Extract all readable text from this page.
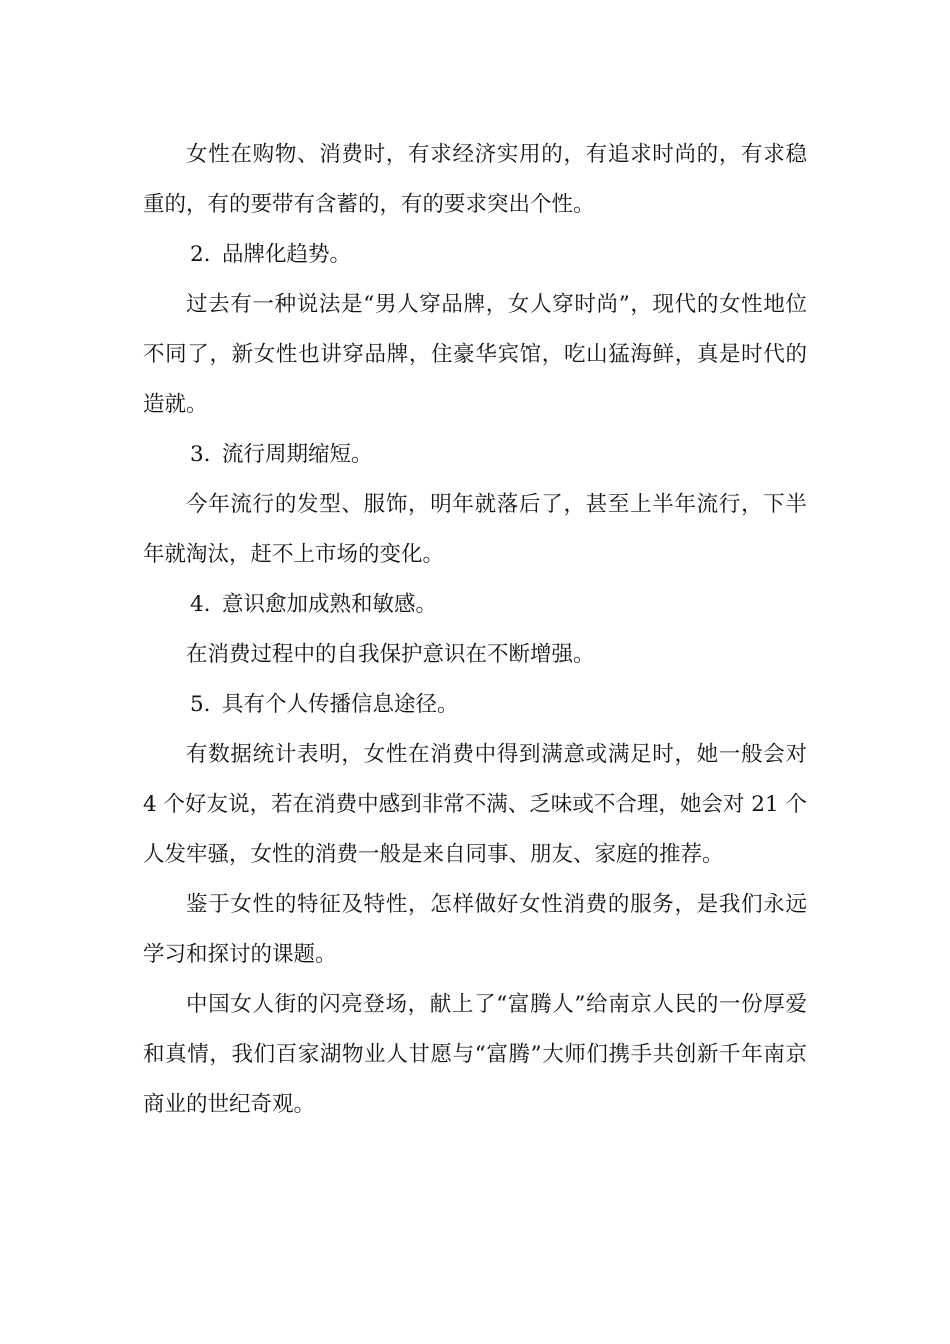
女性在购物、消费时，有求经济实用的，有追求时尚的，有求稳重的，有的要带有含蓄的，有的要求突出个性。

2. 品牌化趋势。

过去有一种说法是“男人穿品牌，女人穿时尚”，现代的女性地位不同了，新女性也讲穿品牌，住豪华宾馆，吃山猛海鲜，真是时代的造就。

3. 流行周期缩短。

今年流行的发型、服饰，明年就落后了，甚至上半年流行，下半年就淘汰，赶不上市场的变化。

4. 意识愈加成熟和敏感。

在消费过程中的自我保护意识在不断增强。

5. 具有个人传播信息途径。

有数据统计表明，女性在消费中得到满意或满足时，她一般会对 4 个好友说，若在消费中感到非常不满、乏味或不合理，她会对 21 个人发牢骚，女性的消费一般是来自同事、朋友、家庭的推荐。

鉴于女性的特征及特性，怎样做好女性消费的服务，是我们永远学习和探讨的课题。

中国女人街的闪亮登场，献上了“富腾人”给南京人民的一份厚爱和真情，我们百家湖物业人甘愿与“富腾”大师们携手共创新千年南京商业的世纪奇观。
